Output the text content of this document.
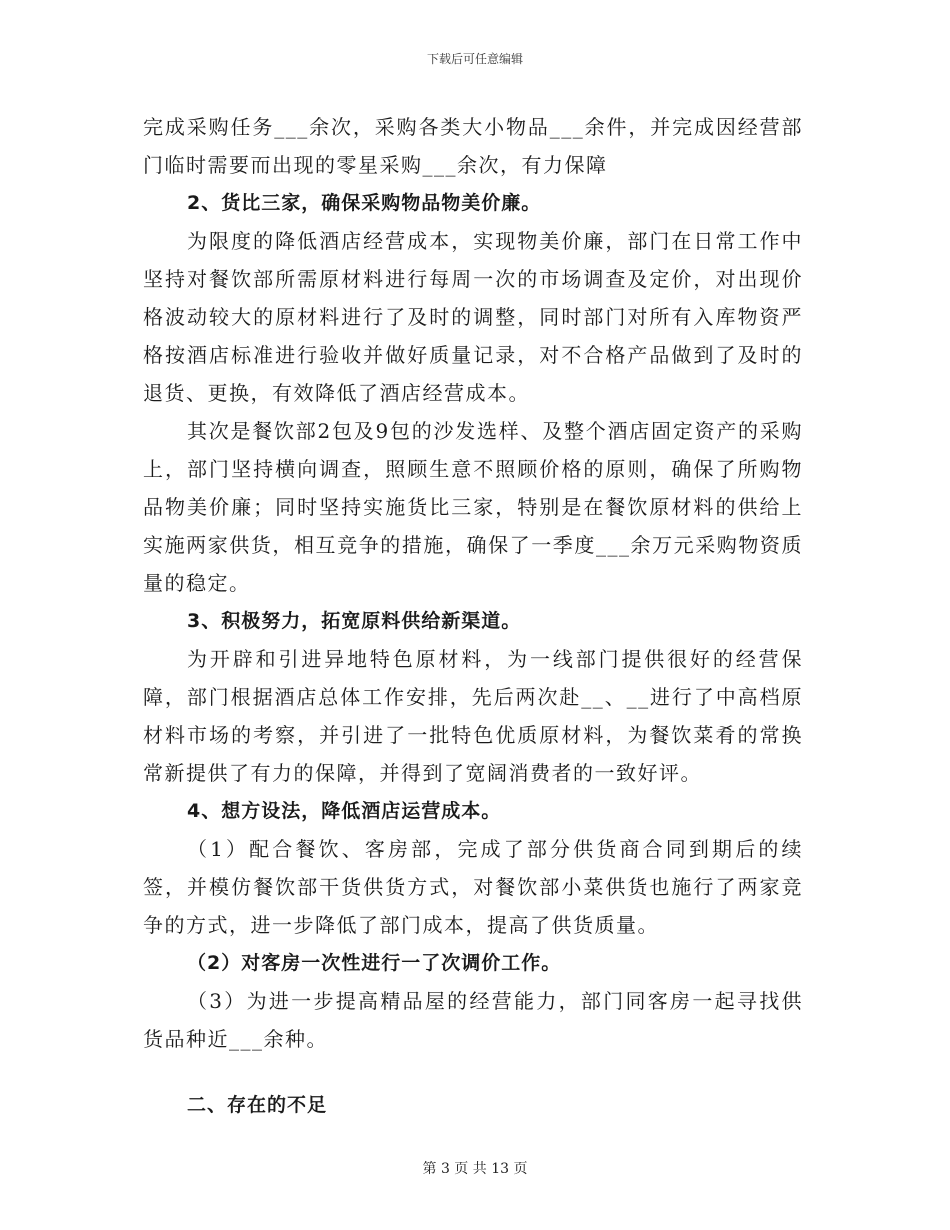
下载后可任意编辑

完成采购任务___余次，采购各类大小物品___余件，并完成因经营部门临时需要而出现的零星采购___余次，有力保障

2、货比三家，确保采购物品物美价廉。

为限度的降低酒店经营成本，实现物美价廉，部门在日常工作中坚持对餐饮部所需原材料进行每周一次的市场调查及定价，对出现价格波动较大的原材料进行了及时的调整，同时部门对所有入库物资严格按酒店标准进行验收并做好质量记录，对不合格产品做到了及时的退货、更换，有效降低了酒店经营成本。

其次是餐饮部2包及9包的沙发选样、及整个酒店固定资产的采购上，部门坚持横向调查，照顾生意不照顾价格的原则，确保了所购物品物美价廉；同时坚持实施货比三家，特别是在餐饮原材料的供给上实施两家供货，相互竞争的措施，确保了一季度___余万元采购物资质量的稳定。

3、积极努力，拓宽原料供给新渠道。

为开辟和引进异地特色原材料，为一线部门提供很好的经营保障，部门根据酒店总体工作安排，先后两次赴__、__进行了中高档原材料市场的考察，并引进了一批特色优质原材料，为餐饮菜肴的常换常新提供了有力的保障，并得到了宽阔消费者的一致好评。

4、想方设法，降低酒店运营成本。

（1）配合餐饮、客房部，完成了部分供货商合同到期后的续签，并模仿餐饮部干货供货方式，对餐饮部小菜供货也施行了两家竞争的方式，进一步降低了部门成本，提高了供货质量。

（2）对客房一次性进行一了次调价工作。

（3）为进一步提高精品屋的经营能力，部门同客房一起寻找供货品种近___余种。

二、存在的不足

第 3 页 共 13 页
